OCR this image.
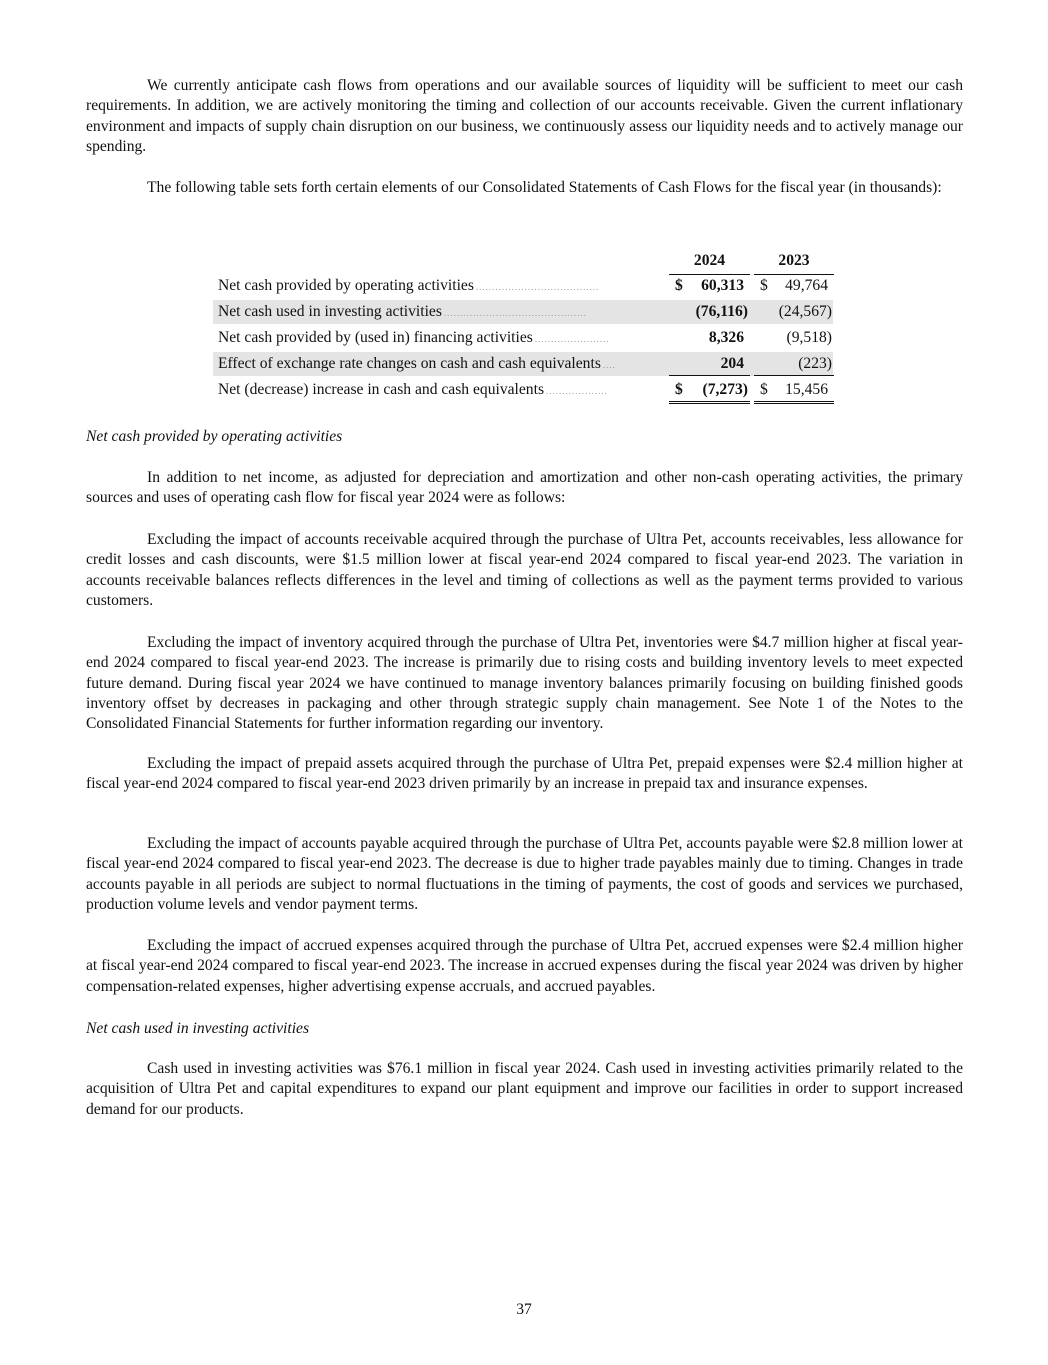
We currently anticipate cash flows from operations and our available sources of liquidity will be sufficient to meet our cash requirements. In addition, we are actively monitoring the timing and collection of our accounts receivable. Given the current inflationary environment and impacts of supply chain disruption on our business, we continuously assess our liquidity needs and to actively manage our spending.

The following table sets forth certain elements of our Consolidated Statements of Cash Flows for the fiscal year (in thousands):

2024	2023
Net cash provided by operating activities ......................................	$ 60,313 $ 49,764
Net cash used in investing activities ............................................	(76,116) (24,567)
Net cash provided by (used in) financing activities .......................	8,326	(9,518)
Effect of exchange rate changes on cash and cash equivalents ....	204	(223)
Net (decrease) increase in cash and cash equivalents ...................	$ (7,273) $ 15,456

Net cash provided by operating activities

In addition to net income, as adjusted for depreciation and amortization and other non-cash operating activities, the primary sources and uses of operating cash flow for fiscal year 2024 were as follows:

Excluding the impact of accounts receivable acquired through the purchase of Ultra Pet, accounts receivables, less allowance for credit losses and cash discounts, were $1.5 million lower at fiscal year-end 2024 compared to fiscal year-end 2023. The variation in accounts receivable balances reflects differences in the level and timing of collections as well as the payment terms provided to various customers.

Excluding the impact of inventory acquired through the purchase of Ultra Pet, inventories were $4.7 million higher at fiscal year-end 2024 compared to fiscal year-end 2023. The increase is primarily due to rising costs and building inventory levels to meet expected future demand. During fiscal year 2024 we have continued to manage inventory balances primarily focusing on building finished goods inventory offset by decreases in packaging and other through strategic supply chain management. See Note 1 of the Notes to the Consolidated Financial Statements for further information regarding our inventory.

Excluding the impact of prepaid assets acquired through the purchase of Ultra Pet, prepaid expenses were $2.4 million higher at fiscal year-end 2024 compared to fiscal year-end 2023 driven primarily by an increase in prepaid tax and insurance expenses.

Excluding the impact of accounts payable acquired through the purchase of Ultra Pet, accounts payable were $2.8 million lower at fiscal year-end 2024 compared to fiscal year-end 2023. The decrease is due to higher trade payables mainly due to timing. Changes in trade accounts payable in all periods are subject to normal fluctuations in the timing of payments, the cost of goods and services we purchased, production volume levels and vendor payment terms.

Excluding the impact of accrued expenses acquired through the purchase of Ultra Pet, accrued expenses were $2.4 million higher at fiscal year-end 2024 compared to fiscal year-end 2023. The increase in accrued expenses during the fiscal year 2024 was driven by higher compensation-related expenses, higher advertising expense accruals, and accrued payables.

Net cash used in investing activities

Cash used in investing activities was $76.1 million in fiscal year 2024. Cash used in investing activities primarily related to the acquisition of Ultra Pet and capital expenditures to expand our plant equipment and improve our facilities in order to support increased demand for our products.

37
